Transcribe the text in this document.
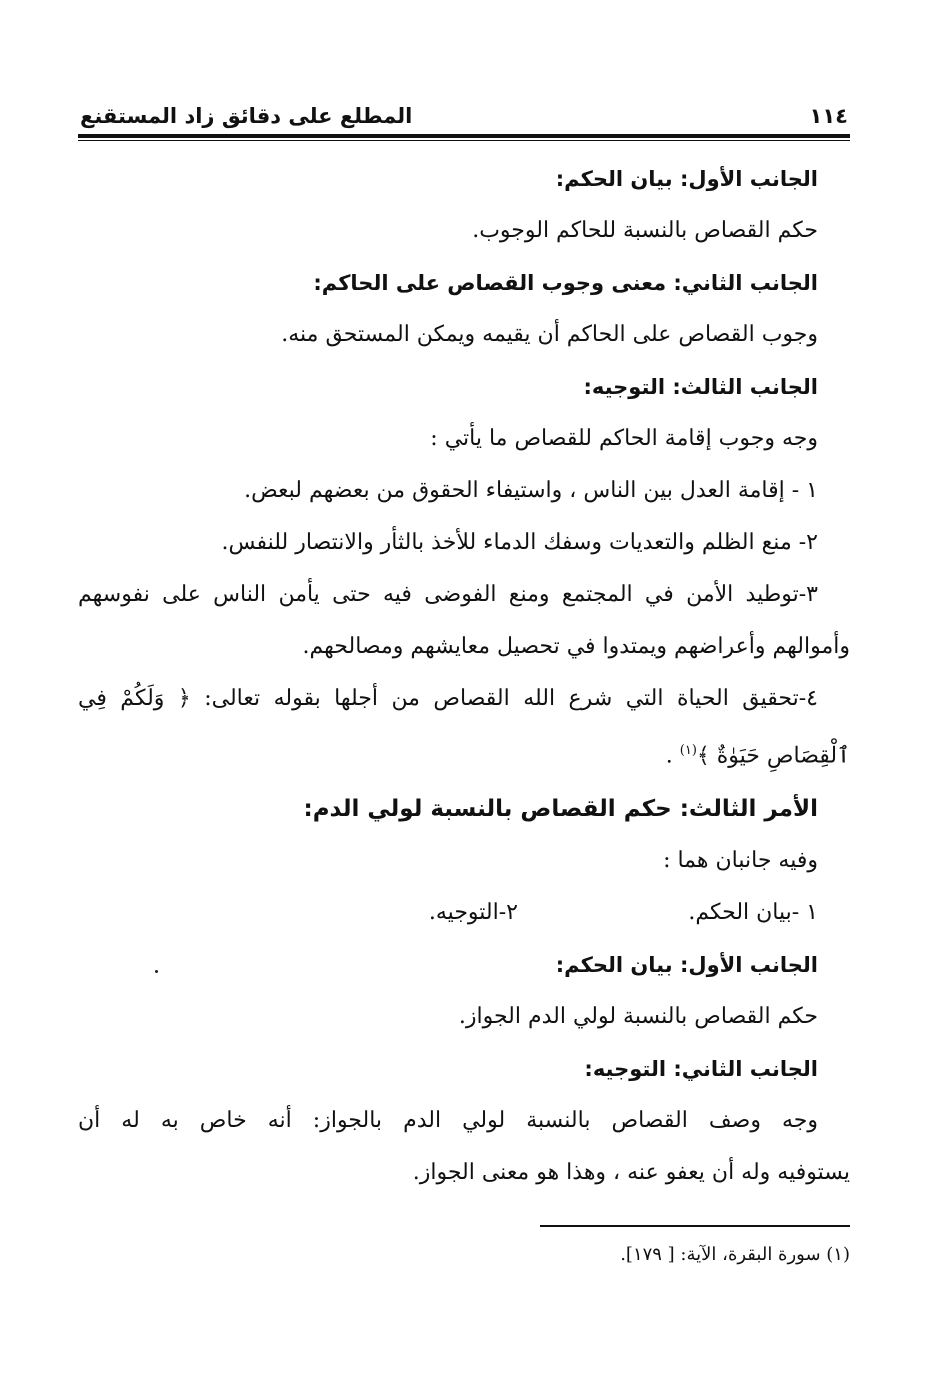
١١٤
المطلع على دقائق زاد المستقنع
الجانب الأول: بيان الحكم:
حكم القصاص بالنسبة للحاكم الوجوب.
الجانب الثاني: معنى وجوب القصاص على الحاكم:
وجوب القصاص على الحاكم أن يقيمه ويمكن المستحق منه.
الجانب الثالث: التوجيه:
وجه وجوب إقامة الحاكم للقصاص ما يأتي :
١ - إقامة العدل بين الناس ، واستيفاء الحقوق من بعضهم لبعض.
٢- منع الظلم والتعديات وسفك الدماء للأخذ بالثأر والانتصار للنفس.
٣-توطيد الأمن في المجتمع ومنع الفوضى فيه حتى يأمن الناس على نفوسهم
وأموالهم وأعراضهم ويمتدوا في تحصيل معايشهم ومصالحهم.
٤-تحقيق الحياة التي شرع الله القصاص من أجلها بقوله تعالى: ﴿ وَلَكُمْ فِي
ٱلْقِصَاصِ حَيَوٰةٌ ﴾$^{(١)}$ .
الأمر الثالث: حكم القصاص بالنسبة لولي الدم:
وفيه جانبان هما :
١ -بيان الحكم.
٢-التوجيه.
الجانب الأول: بيان الحكم:
حكم القصاص بالنسبة لولي الدم الجواز.
الجانب الثاني: التوجيه:
وجه وصف القصاص بالنسبة لولي الدم بالجواز: أنه خاص به له أن
يستوفيه وله أن يعفو عنه ، وهذا هو معنى الجواز.
(١) سورة البقرة، الآية: [ ١٧٩].
